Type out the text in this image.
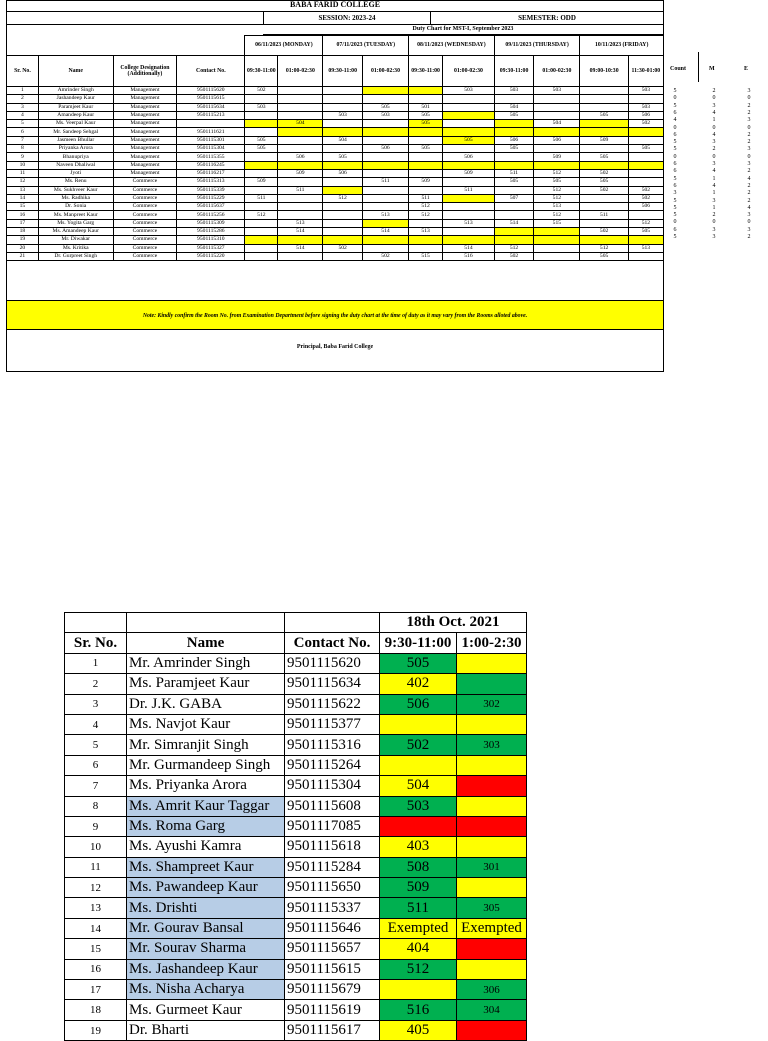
BABA FARID COLLEGE
SESSION: 2023-24	SEMESTER: ODD
Duty Chart for MST-I, September 2023
				06/11/2023 (MONDAY)		07/11/2023 (TUESDAY)		08/11/2023 (WEDNESDAY)		09/11/2023 (THURSDAY)		10/11/2023 (FRIDAY)	
Sr. No.	Name	College Designation (Additionally)	Contact No.	09:30-11:00	01:00-02:30	09:30-11:00	01:00-02:30	09:30-11:00	01:00-02:30	09:30-11:00	01:00-02:30	09:00-10:30	11:30-01:00
1	Amrinder Singh	Management	9501115620	502					503	503	503		503
2	Jashandeep Kaur	Management	9501115615										
3	Paramjeet Kaur	Management	9501115634	503			505	501		504			503
4	Amandeep Kaur	Management	9501115213			503	503	505		505		505	506
5	Ms. Veerpal Kaur	Management			504			505			504		502
6	Mr. Sandeep Sehgal	Management	9501111621										
7	Jasmeen Bhullar	Management	9501115301	505		504			505	506	506	509	
8	Priyanka Arora	Management	9501115304	505			506	505		505			505
9	Bhanupriya	Management	9501115355		506	505			506		509	505	
10	Naveen Dhaliwal	Management	9501116245										
11	Jyoti	Management	9501116217		509	506			509	511	512	502	
12	Ms. Renu	Commerce	9501115313	509			511	509		505	505	505	
13	Ms. Sukhveer Kaur	Commerce	9501115339		511				511		512	502	502
14	Ms. Radhika	Commerce	9501115229	511		512		511		507	512		502
15	Dr. Sonia	Commerce	9501115637					512			513		506
16	Ms. Manpreet Kaur	Commerce	9501115256	512			513	512			512	511	
17	Ms. Yogita Garg	Commerce	9501115309		513				513	514	515		512
18	Ms. Amandeep Kaur	Commerce	9501115286		514		514	513				502	505
19	Mr. Diwakar	Commerce	9501115310										
20	Ms. Kritika	Commerce	9501115327		514	502			514	512		512	513
21	Dr. Gurpreet Singh	Commerce	9501115220				502	515	516	502		505	
Count	M	E
5	2	3
0	0	0
5	3	2
6	4	2
4	1	3
0	0	0
6	4	2
5	3	2
5	2	3
0	0	0
6	3	3
6	4	2
5	1	4
6	4	2
3	1	2
5	3	2
5	1	4
5	2	3
0	0	0
6	3	3
5	3	2
Note: Kindly confirm the Room No. from Examination Department before signing the duty chart at the time of duty as it may vary from the Rooms alloted above.
Principal, Baba Farid College
			18th Oct. 2021	
Sr. No.	Name	Contact No.	9:30-11:00	1:00-2:30
1	Mr. Amrinder Singh	9501115620	505	
2	Ms. Paramjeet Kaur	9501115634	402	
3	Dr. J.K. GABA	9501115622	506	302
4	Ms. Navjot Kaur	9501115377		
5	Mr. Simranjit Singh	9501115316	502	303
6	Mr. Gurmandeep Singh	9501115264		
7	Ms. Priyanka Arora	9501115304	504	
8	Ms. Amrit Kaur Taggar	9501115608	503	
9	Ms. Roma Garg	9501117085		
10	Ms. Ayushi Kamra	9501115618	403	
11	Ms. Shampreet Kaur	9501115284	508	301
12	Ms. Pawandeep Kaur	9501115650	509	
13	Ms. Drishti	9501115337	511	305
14	Mr. Gourav Bansal	9501115646	Exempted	Exempted
15	Mr. Sourav Sharma	9501115657	404	
16	Ms. Jashandeep Kaur	9501115615	512	
17	Ms. Nisha Acharya	9501115679		306
18	Ms. Gurmeet Kaur	9501115619	516	304
19	Dr. Bharti	9501115617	405	
